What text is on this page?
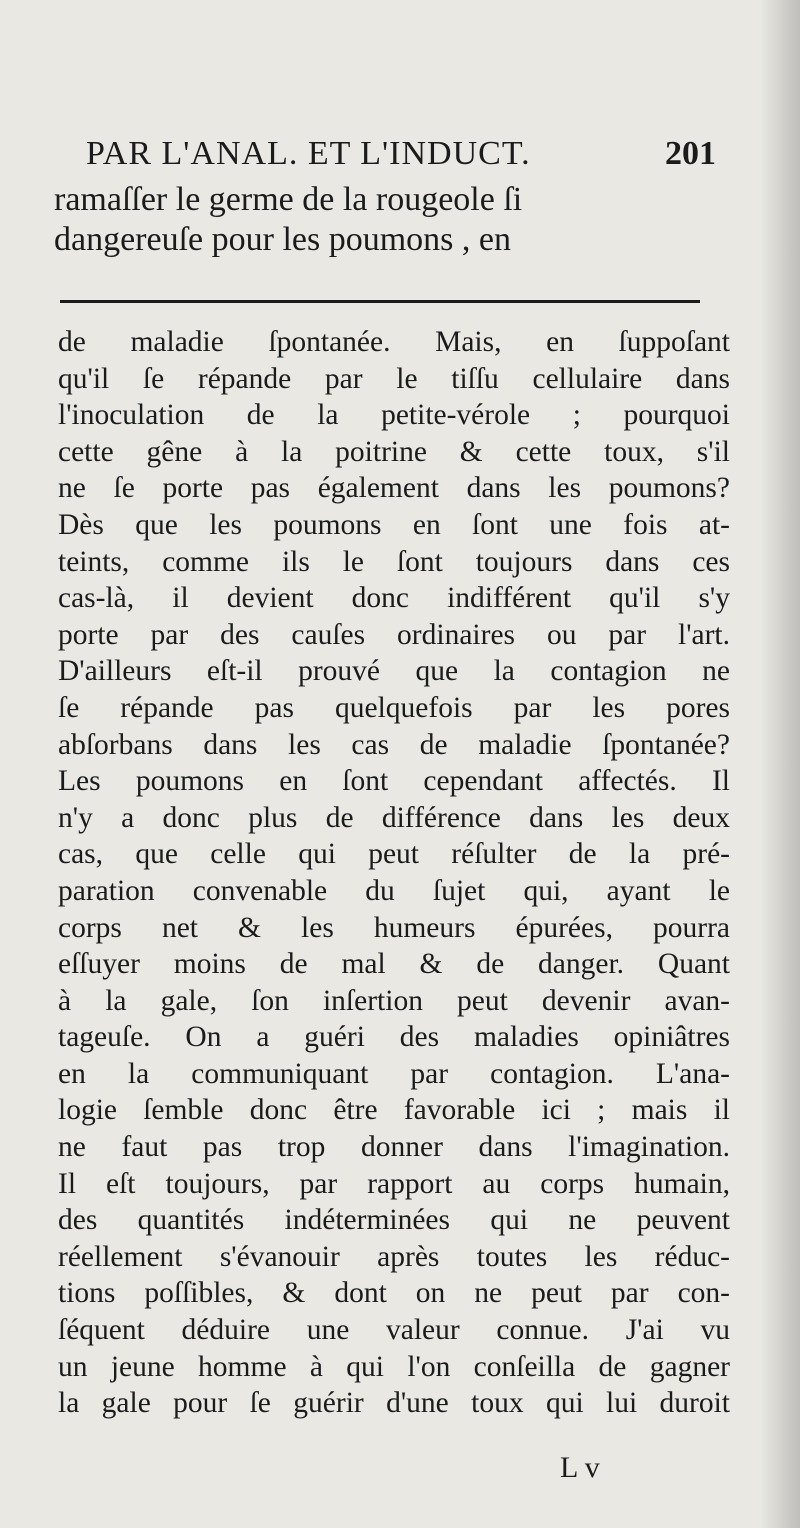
PAR L'ANAL. ET L'INDUCT.	201
ramaſſer le germe de la rougeole ſi
dangereuſe pour les poumons , en
de maladie ſpontanée. Mais, en ſuppoſant
qu'il ſe répande par le tiſſu cellulaire dans
l'inoculation de la petite-vérole ; pourquoi
cette gêne à la poitrine & cette toux, s'il
ne ſe porte pas également dans les poumons?
Dès que les poumons en ſont une fois at-
teints, comme ils le ſont toujours dans ces
cas-là, il devient donc indifférent qu'il s'y
porte par des cauſes ordinaires ou par l'art.
D'ailleurs eſt-il prouvé que la contagion ne
ſe répande pas quelquefois par les pores
abſorbans dans les cas de maladie ſpontanée?
Les poumons en ſont cependant affectés. Il
n'y a donc plus de différence dans les deux
cas, que celle qui peut réſulter de la pré-
paration convenable du ſujet qui, ayant le
corps net & les humeurs épurées, pourra
eſſuyer moins de mal & de danger. Quant
à la gale, ſon inſertion peut devenir avan-
tageuſe. On a guéri des maladies opiniâtres
en la communiquant par contagion. L'ana-
logie ſemble donc être favorable ici ; mais il
ne faut pas trop donner dans l'imagination.
Il eſt toujours, par rapport au corps humain,
des quantités indéterminées qui ne peuvent
réellement s'évanouir après toutes les réduc-
tions poſſibles, & dont on ne peut par con-
ſéquent déduire une valeur connue. J'ai vu
un jeune homme à qui l'on conſeilla de gagner
la gale pour ſe guérir d'une toux qui lui duroit
L v
